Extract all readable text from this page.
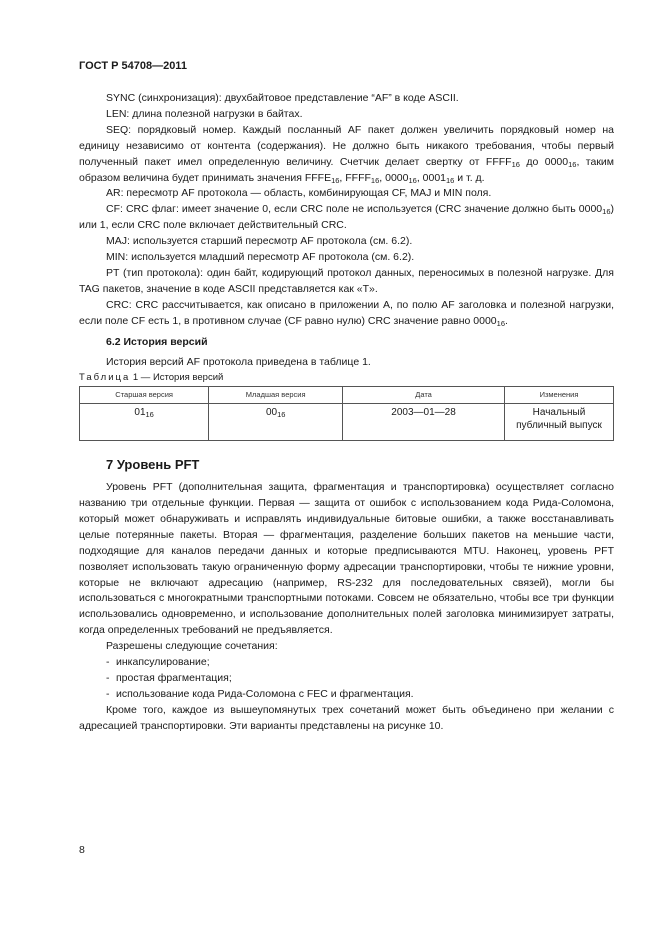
ГОСТ Р 54708—2011

SYNC (синхронизация): двухбайтовое представление “AF” в коде ASCII.

LEN: длина полезной нагрузки в байтах.

SEQ: порядковый номер. Каждый посланный AF пакет должен увеличить порядковый номер на единицу независимо от контента (содержания). Не должно быть никакого требования, чтобы первый полученный пакет имел определенную величину. Счетчик делает свертку от $FFFF_{16}$ до $0000_{16}$, таким образом величина будет принимать значения $FFFE_{16}$, $FFFF_{16}$, $0000_{16}$, $0001_{16}$ и т. д.

AR: пересмотр AF протокола — область, комбинирующая CF, MAJ и MIN поля.

CF: CRC флаг: имеет значение 0, если CRC поле не используется (CRC значение должно быть $0000_{16}$) или 1, если CRC поле включает действительный CRC.

MAJ: используется старший пересмотр AF протокола (см. 6.2).

MIN: используется младший пересмотр AF протокола (см. 6.2).

PT (тип протокола): один байт, кодирующий протокол данных, переносимых в полезной нагрузке. Для TAG пакетов, значение в коде ASCII представляется как «T».

CRC: CRC рассчитывается, как описано в приложении A, по полю AF заголовка и полезной нагрузки, если поле CF есть 1, в противном случае (CF равно нулю) CRC значение равно $0000_{16}$.

6.2 История версий

История версий AF протокола приведена в таблице 1.

Таблица 1 — История версий

Старшая версия	Младшая версия	Дата	Изменения
$01_{16}$	$00_{16}$	2003—01—28	Начальный публичный выпуск

7 Уровень PFT

Уровень PFT (дополнительная защита, фрагментация и транспортировка) осуществляет согласно названию три отдельные функции. Первая — защита от ошибок с использованием кода Рида-Соломона, который может обнаруживать и исправлять индивидуальные битовые ошибки, а также восстанавливать целые потерянные пакеты. Вторая — фрагментация, разделение больших пакетов на меньшие части, подходящие для каналов передачи данных и которые предписываются MTU. Наконец, уровень PFT позволяет использовать такую ограниченную форму адресации транспортировки, чтобы те нижние уровни, которые не включают адресацию (например, RS-232 для последовательных связей), могли бы использоваться с многократными транспортными потоками. Совсем не обязательно, чтобы все три функции использовались одновременно, и использование дополнительных полей заголовка минимизирует затраты, когда определенных требований не предъявляется.

Разрешены следующие сочетания:

- инкапсулирование;

- простая фрагментация;

- использование кода Рида-Соломона с FEC и фрагментация.

Кроме того, каждое из вышеупомянутых трех сочетаний может быть объединено при желании с адресацией транспортировки. Эти варианты представлены на рисунке 10.

8
